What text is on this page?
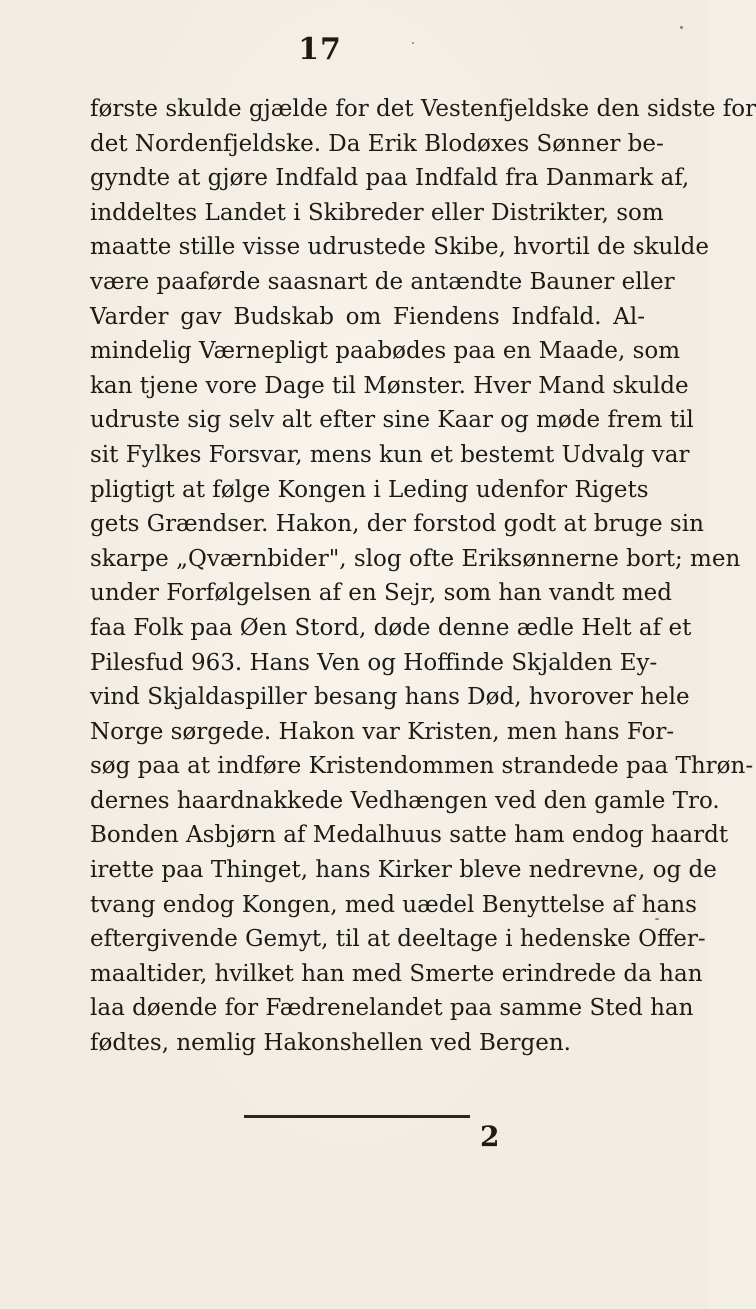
17
første skulde gjælde for det Vestenfjeldske den sidste for
det Nordenfjeldske. Da Erik Blodøxes Sønner be-
gyndte at gjøre Indfald paa Indfald fra Danmark af,
inddeltes Landet i Skibreder eller Distrikter, som
maatte stille visse udrustede Skibe, hvortil de skulde
være paaførde saasnart de antændte Bauner eller
Varder gav Budskab om Fiendens Indfald. Al-
mindelig Værnepligt paabødes paa en Maade, som
kan tjene vore Dage til Mønster. Hver Mand skulde
udruste sig selv alt efter sine Kaar og møde frem til
sit Fylkes Forsvar, mens kun et bestemt Udvalg var
pligtigt at følge Kongen i Leding udenfor Rigets
gets Grændser. Hakon, der forstod godt at bruge sin
skarpe „Qværnbider", slog ofte Eriksønnerne bort; men
under Forfølgelsen af en Sejr, som han vandt med
faa Folk paa Øen Stord, døde denne ædle Helt af et
Pilesfud 963. Hans Ven og Hoffinde Skjalden Ey-
vind Skjaldaspiller besang hans Død, hvorover hele
Norge sørgede. Hakon var Kristen, men hans For-
søg paa at indføre Kristendommen strandede paa Thrøn-
dernes haardnakkede Vedhængen ved den gamle Tro.
Bonden Asbjørn af Medalhuus satte ham endog haardt
irette paa Thinget, hans Kirker bleve nedrevne, og de
tvang endog Kongen, med uædel Benyttelse af hans
eftergivende Gemyt, til at deeltage i hedenske Offer-
maaltider, hvilket han med Smerte erindrede da han
laa døende for Fædrenelandet paa samme Sted han
fødtes, nemlig Hakonshellen ved Bergen.
2
